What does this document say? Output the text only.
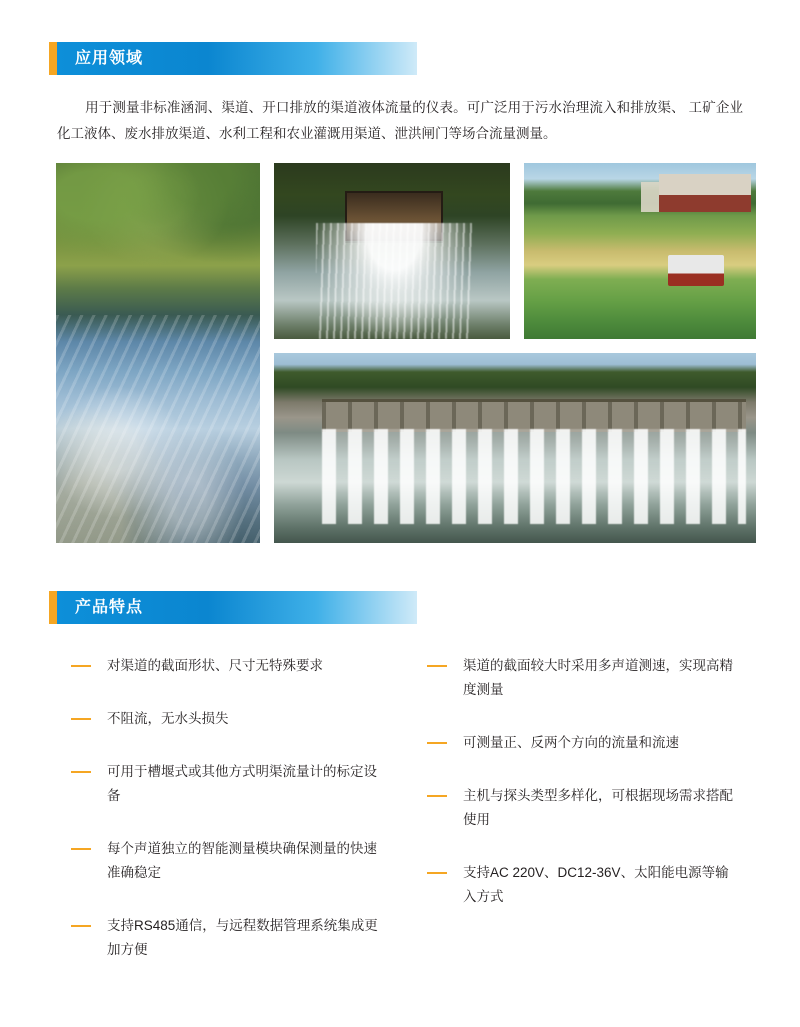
应用领域

用于测量非标准涵洞、渠道、开口排放的渠道液体流量的仪表。可广泛用于污水治理流入和排放渠、 工矿企业化工液体、废水排放渠道、水利工程和农业灌溉用渠道、泄洪闸门等场合流量测量。

产品特点
对渠道的截面形状、尺寸无特殊要求
不阻流，无水头损失
可用于槽堰式或其他方式明渠流量计的标定设备
每个声道独立的智能测量模块确保测量的快速准确稳定
支持RS485通信，与远程数据管理系统集成更加方便
渠道的截面较大时采用多声道测速，实现高精度测量
可测量正、反两个方向的流量和流速
主机与探头类型多样化，可根据现场需求搭配使用
支持AC 220V、DC12-36V、太阳能电源等输入方式
